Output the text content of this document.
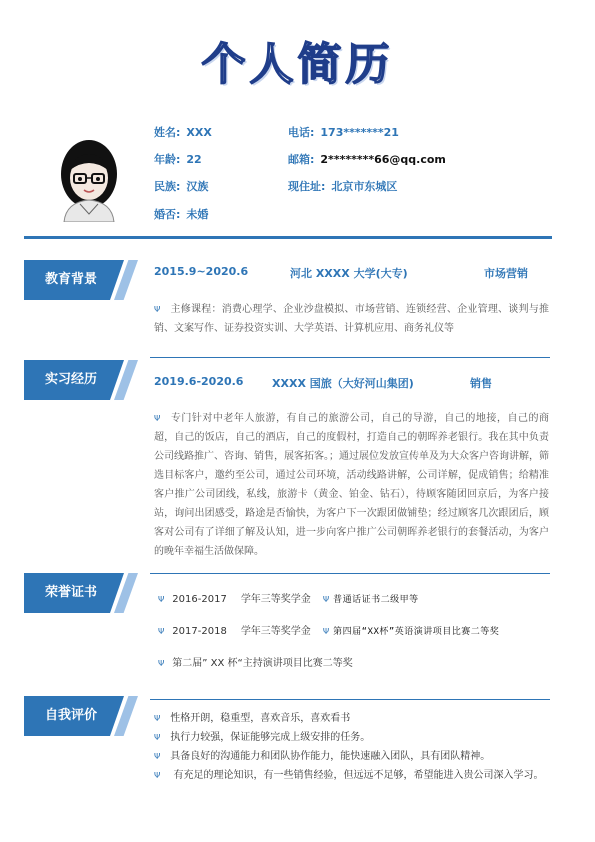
个人简历
姓名: XXX
年龄: 22
民族: 汉族
婚否: 未婚
电话: 173*******21
邮箱: 2********66@qq.com
现住址: 北京市东城区
教育背景
2015.9~2020.6	河北 XXXX 大学(大专)	市场营销
Ψ 主修课程：消费心理学、企业沙盘模拟、市场营销、连锁经营、企业管理、谈判与推销、文案写作、证券投资实训、大学英语、计算机应用、商务礼仪等
实习经历	2019.6-2020.6	XXXX 国旅（大好河山集团)	销售
Ψ 专门针对中老年人旅游，有自己的旅游公司，自己的导游，自己的地接，自己的商超，自己的饭店，自己的酒店，自己的度假村，打造自己的朝晖养老银行。我在其中负责公司线路推广、咨询、销售，展客拓客。；通过展位发放宣传单及为大众客户咨询讲解，筛选目标客户，邀约至公司，通过公司环境，活动线路讲解，公司详解，促成销售；给精准客户推广公司团线，私线，旅游卡（黄金、铂金、钻石），待顾客随团回京后，为客户接站，询问出团感受，路途是否愉快，为客户下一次跟团做铺垫；经过顾客几次跟团后，顾客对公司有了详细了解及认知，进一步向客户推广公司朝晖养老银行的套餐活动，为客户的晚年幸福生活做保障。
荣誉证书	Ψ 2016-2017 学年三等奖学金 Ψ 普通话证书二级甲等
Ψ 2017-2018 学年三等奖学金 Ψ 第四届“XX杯”英语演讲项目比赛二等奖
Ψ 第二届” XX 杯“主持演讲项目比赛二等奖
自我评价	Ψ 性格开朗，稳重型，喜欢音乐，喜欢看书
Ψ 执行力较强，保证能够完成上级安排的任务。
Ψ 具备良好的沟通能力和团队协作能力，能快速融入团队，具有团队精神。
Ψ 有充足的理论知识，有一些销售经验，但远远不足够，希望能进入贵公司深入学习。
